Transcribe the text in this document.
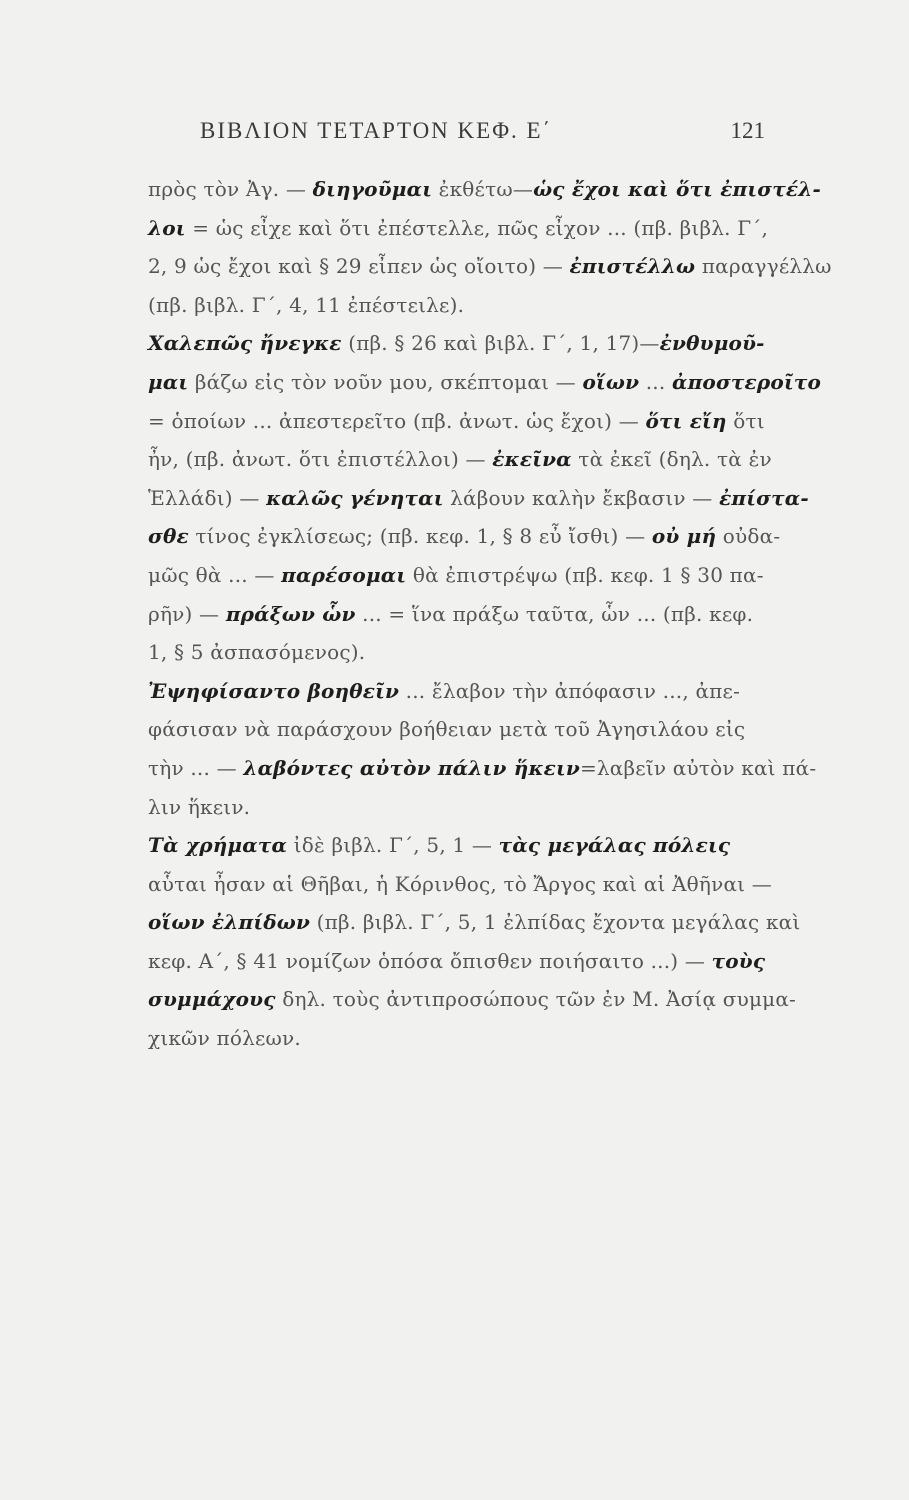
ΒΙΒΛΙΟΝ ΤΕΤΑΡΤΟΝ ΚΕΦ. Ε΄	121
πρὸς τὸν Ἀγ. — διηγοῦμαι ἐκθέτω—ὡς ἔχοι καὶ ὅτι ἐπιστέλ-
λοι = ὡς εἶχε καὶ ὅτι ἐπέστελλε, πῶς εἶχον ... (πβ. βιβλ. Γ΄,
2, 9 ὡς ἔχοι καὶ § 29 εἶπεν ὡς οἴοιτο) — ἐπιστέλλω παραγγέλλω
(πβ. βιβλ. Γ΄, 4, 11 ἐπέστειλε).
Χαλεπῶς ἤνεγκε (πβ. § 26 καὶ βιβλ. Γ΄, 1, 17)—ἐνθυμοῦ-
μαι βάζω εἰς τὸν νοῦν μου, σκέπτομαι — οἵων ... ἀποστεροῖτο
= ὁποίων ... ἀπεστερεῖτο (πβ. ἀνωτ. ὡς ἔχοι) — ὅτι εἴη ὅτι
ἦν, (πβ. ἀνωτ. ὅτι ἐπιστέλλοι) — ἐκεῖνα τὰ ἐκεῖ (δηλ. τὰ ἐν
Ἑλλάδι) — καλῶς γένηται λάβουν καλὴν ἔκβασιν — ἐπίστα-
σθε τίνος ἐγκλίσεως; (πβ. κεφ. 1, § 8 εὖ ἴσθι) — οὐ μή οὐδα-
μῶς θὰ ... — παρέσομαι θὰ ἐπιστρέψω (πβ. κεφ. 1 § 30 πα-
ρῆν) — πράξων ὧν ... = ἵνα πράξω ταῦτα, ὧν ... (πβ. κεφ.
1, § 5 ἀσπασόμενος).
Ἐψηφίσαντο βοηθεῖν ... ἔλαβον τὴν ἀπόφασιν ..., ἀπε-
φάσισαν νὰ παράσχουν βοήθειαν μετὰ τοῦ Ἀγησιλάου εἰς
τὴν ... — λαβόντες αὐτὸν πάλιν ἥκειν=λαβεῖν αὐτὸν καὶ πά-
λιν ἥκειν.
Τὰ χρήματα ἰδὲ βιβλ. Γ΄, 5, 1 — τὰς μεγάλας πόλεις
αὗται ἦσαν αἱ Θῆβαι, ἡ Κόρινθος, τὸ Ἄργος καὶ αἱ Ἀθῆναι —
οἵων ἐλπίδων (πβ. βιβλ. Γ΄, 5, 1 ἐλπίδας ἔχοντα μεγάλας καὶ
κεφ. Α΄, § 41 νομίζων ὁπόσα ὄπισθεν ποιήσαιτο ...) — τοὺς
συμμάχους δηλ. τοὺς ἀντιπροσώπους τῶν ἐν Μ. Ἀσίᾳ συμμα-
χικῶν πόλεων.
